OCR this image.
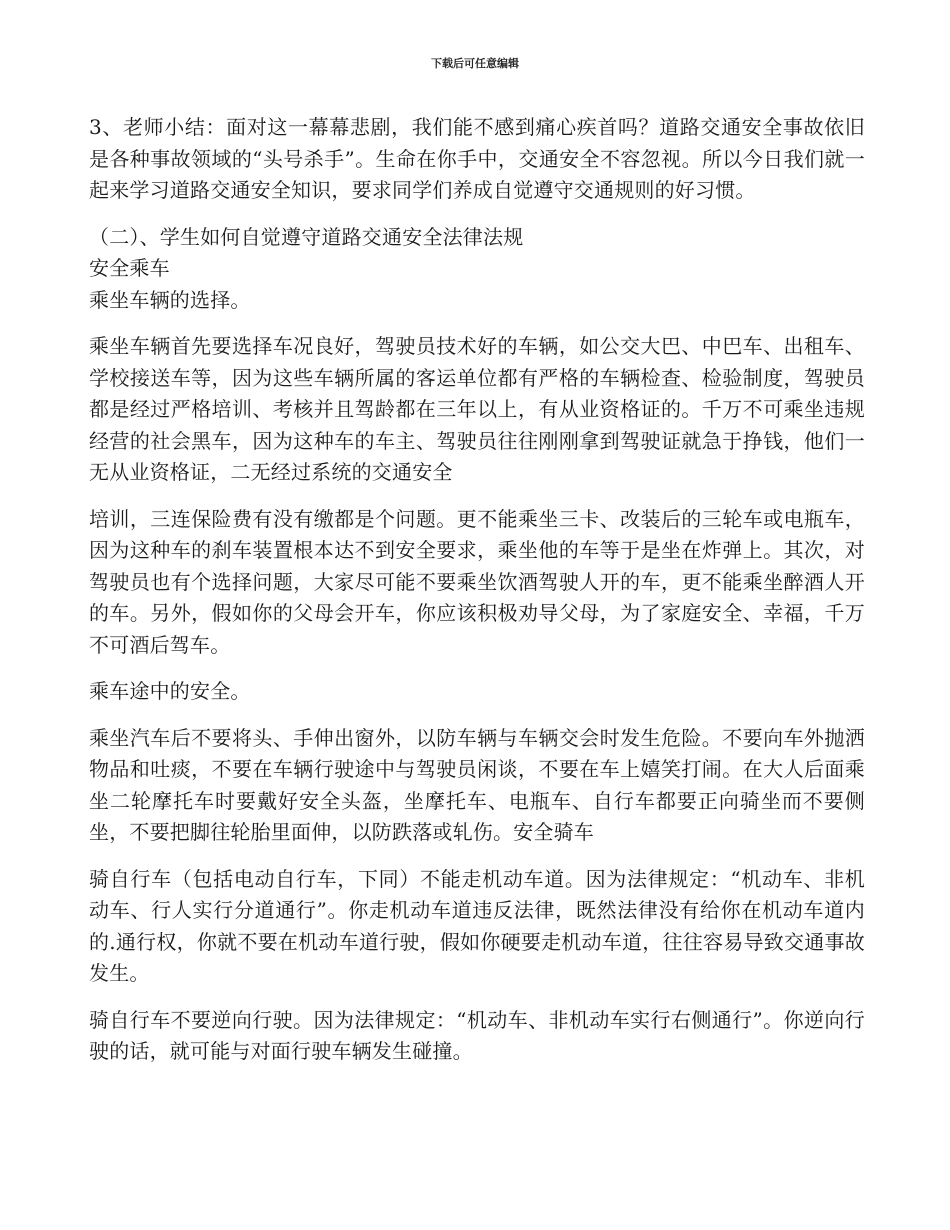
下载后可任意编辑

3、老师小结：面对这一幕幕悲剧，我们能不感到痛心疾首吗？道路交通安全事故依旧是各种事故领域的“头号杀手”。生命在你手中，交通安全不容忽视。所以今日我们就一起来学习道路交通安全知识，要求同学们养成自觉遵守交通规则的好习惯。

（二）、学生如何自觉遵守道路交通安全法律法规

安全乘车

乘坐车辆的选择。

乘坐车辆首先要选择车况良好，驾驶员技术好的车辆，如公交大巴、中巴车、出租车、学校接送车等，因为这些车辆所属的客运单位都有严格的车辆检查、检验制度，驾驶员都是经过严格培训、考核并且驾龄都在三年以上，有从业资格证的。千万不可乘坐违规经营的社会黑车，因为这种车的车主、驾驶员往往刚刚拿到驾驶证就急于挣钱，他们一无从业资格证，二无经过系统的交通安全

培训，三连保险费有没有缴都是个问题。更不能乘坐三卡、改装后的三轮车或电瓶车，因为这种车的刹车装置根本达不到安全要求，乘坐他的车等于是坐在炸弹上。其次，对驾驶员也有个选择问题，大家尽可能不要乘坐饮酒驾驶人开的车，更不能乘坐醉酒人开的车。另外，假如你的父母会开车，你应该积极劝导父母，为了家庭安全、幸福，千万不可酒后驾车。

乘车途中的安全。

乘坐汽车后不要将头、手伸出窗外，以防车辆与车辆交会时发生危险。不要向车外抛洒物品和吐痰，不要在车辆行驶途中与驾驶员闲谈，不要在车上嬉笑打闹。在大人后面乘坐二轮摩托车时要戴好安全头盔，坐摩托车、电瓶车、自行车都要正向骑坐而不要侧坐，不要把脚往轮胎里面伸，以防跌落或轧伤。安全骑车

骑自行车（包括电动自行车，下同）不能走机动车道。因为法律规定：“机动车、非机动车、行人实行分道通行”。你走机动车道违反法律，既然法律没有给你在机动车道内的.通行权，你就不要在机动车道行驶，假如你硬要走机动车道，往往容易导致交通事故发生。

骑自行车不要逆向行驶。因为法律规定：“机动车、非机动车实行右侧通行”。你逆向行驶的话，就可能与对面行驶车辆发生碰撞。
